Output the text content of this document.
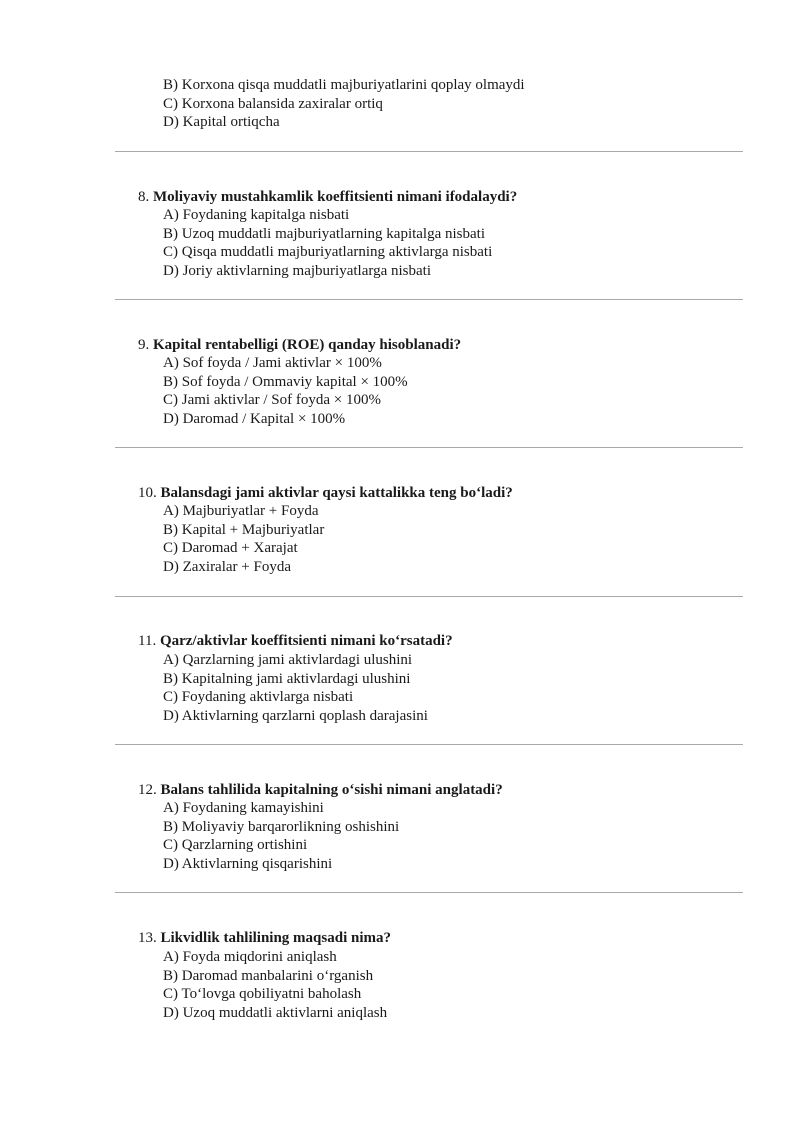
B) Korxona qisqa muddatli majburiyatlarini qoplay olmaydi
C) Korxona balansida zaxiralar ortiq
D) Kapital ortiqcha
8. Moliyaviy mustahkamlik koeffitsienti nimani ifodalaydi?
A) Foydaning kapitalga nisbati
B) Uzoq muddatli majburiyatlarning kapitalga nisbati
C) Qisqa muddatli majburiyatlarning aktivlarga nisbati
D) Joriy aktivlarning majburiyatlarga nisbati
9. Kapital rentabelligi (ROE) qanday hisoblanadi?
A) Sof foyda / Jami aktivlar × 100%
B) Sof foyda / Ommaviy kapital × 100%
C) Jami aktivlar / Sof foyda × 100%
D) Daromad / Kapital × 100%
10. Balansdagi jami aktivlar qaysi kattalikka teng bo‘ladi?
A) Majburiyatlar + Foyda
B) Kapital + Majburiyatlar
C) Daromad + Xarajat
D) Zaxiralar + Foyda
11. Qarz/aktivlar koeffitsienti nimani ko‘rsatadi?
A) Qarzlarning jami aktivlardagi ulushini
B) Kapitalning jami aktivlardagi ulushini
C) Foydaning aktivlarga nisbati
D) Aktivlarning qarzlarni qoplash darajasini
12. Balans tahlilida kapitalning o‘sishi nimani anglatadi?
A) Foydaning kamayishini
B) Moliyaviy barqarorlikning oshishini
C) Qarzlarning ortishini
D) Aktivlarning qisqarishini
13. Likvidlik tahlilining maqsadi nima?
A) Foyda miqdorini aniqlash
B) Daromad manbalarini o‘rganish
C) To‘lovga qobiliyatni baholash
D) Uzoq muddatli aktivlarni aniqlash
